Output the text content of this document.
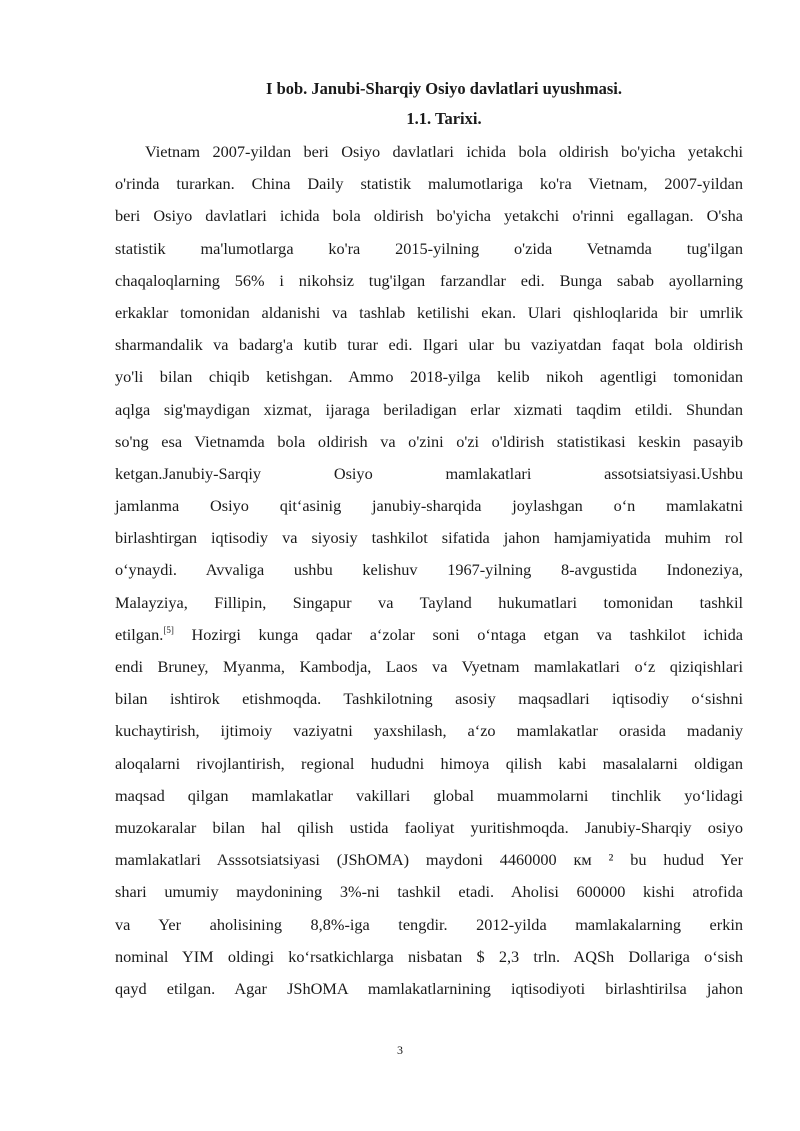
I bob. Janubi-Sharqiy Osiyo davlatlari uyushmasi.
1.1. Tarixi.
Vietnam 2007-yildan beri Osiyo davlatlari ichida bola oldirish bo'yicha yetakchi
o'rinda turarkan. China Daily statistik malumotlariga ko'ra Vietnam, 2007-yildan
beri Osiyo davlatlari ichida bola oldirish bo'yicha yetakchi o'rinni egallagan. O'sha
statistik ma'lumotlarga ko'ra 2015-yilning o'zida Vetnamda tug'ilgan
chaqaloqlarning 56% i nikohsiz tug'ilgan farzandlar edi. Bunga sabab ayollarning
erkaklar tomonidan aldanishi va tashlab ketilishi ekan. Ulari qishloqlarida bir umrlik
sharmandalik va badarg'a kutib turar edi. Ilgari ular bu vaziyatdan faqat bola oldirish
yo'li bilan chiqib ketishgan. Ammo 2018-yilga kelib nikoh agentligi tomonidan
aqlga sig'maydigan xizmat, ijaraga beriladigan erlar xizmati taqdim etildi. Shundan
so'ng esa Vietnamda bola oldirish va o'zini o'zi o'ldirish statistikasi keskin pasayib
ketgan.Janubiy-Sarqiy Osiyo mamlakatlari assotsiatsiyasi.Ushbu
jamlanma Osiyo qit‘asinig janubiy-sharqida joylashgan o‘n mamlakatni
birlashtirgan iqtisodiy va siyosiy tashkilot sifatida jahon hamjamiyatida muhim rol
o‘ynaydi. Avvaliga ushbu kelishuv 1967-yilning 8-avgustida Indoneziya,
Malayziya, Fillipin, Singapur va Tayland hukumatlari tomonidan tashkil
etilgan.[5] Hozirgi kunga qadar a‘zolar soni o‘ntaga etgan va tashkilot ichida
endi Bruney, Myanma, Kambodja, Laos va Vyetnam mamlakatlari o‘z qiziqishlari
bilan ishtirok etishmoqda. Tashkilotning asosiy maqsadlari iqtisodiy o‘sishni
kuchaytirish, ijtimoiy vaziyatni yaxshilash, a‘zo mamlakatlar orasida madaniy
aloqalarni rivojlantirish, regional hududni himoya qilish kabi masalalarni oldigan
maqsad qilgan mamlakatlar vakillari global muammolarni tinchlik yo‘lidagi
muzokaralar bilan hal qilish ustida faoliyat yuritishmoqda. Janubiy-Sharqiy osiyo
mamlakatlari Asssotsiatsiyasi (JShOMA) maydoni 4460000 км ² bu hudud Yer
shari umumiy maydonining 3%-ni tashkil etadi. Aholisi 600000 kishi atrofida
va Yer aholisining 8,8%-iga tengdir. 2012-yilda mamlakalarning erkin
nominal YIM oldingi ko‘rsatkichlarga nisbatan $ 2,3 trln. AQSh Dollariga o‘sish
qayd etilgan. Agar JShOMA mamlakatlarnining iqtisodiyoti birlashtirilsa jahon
3
